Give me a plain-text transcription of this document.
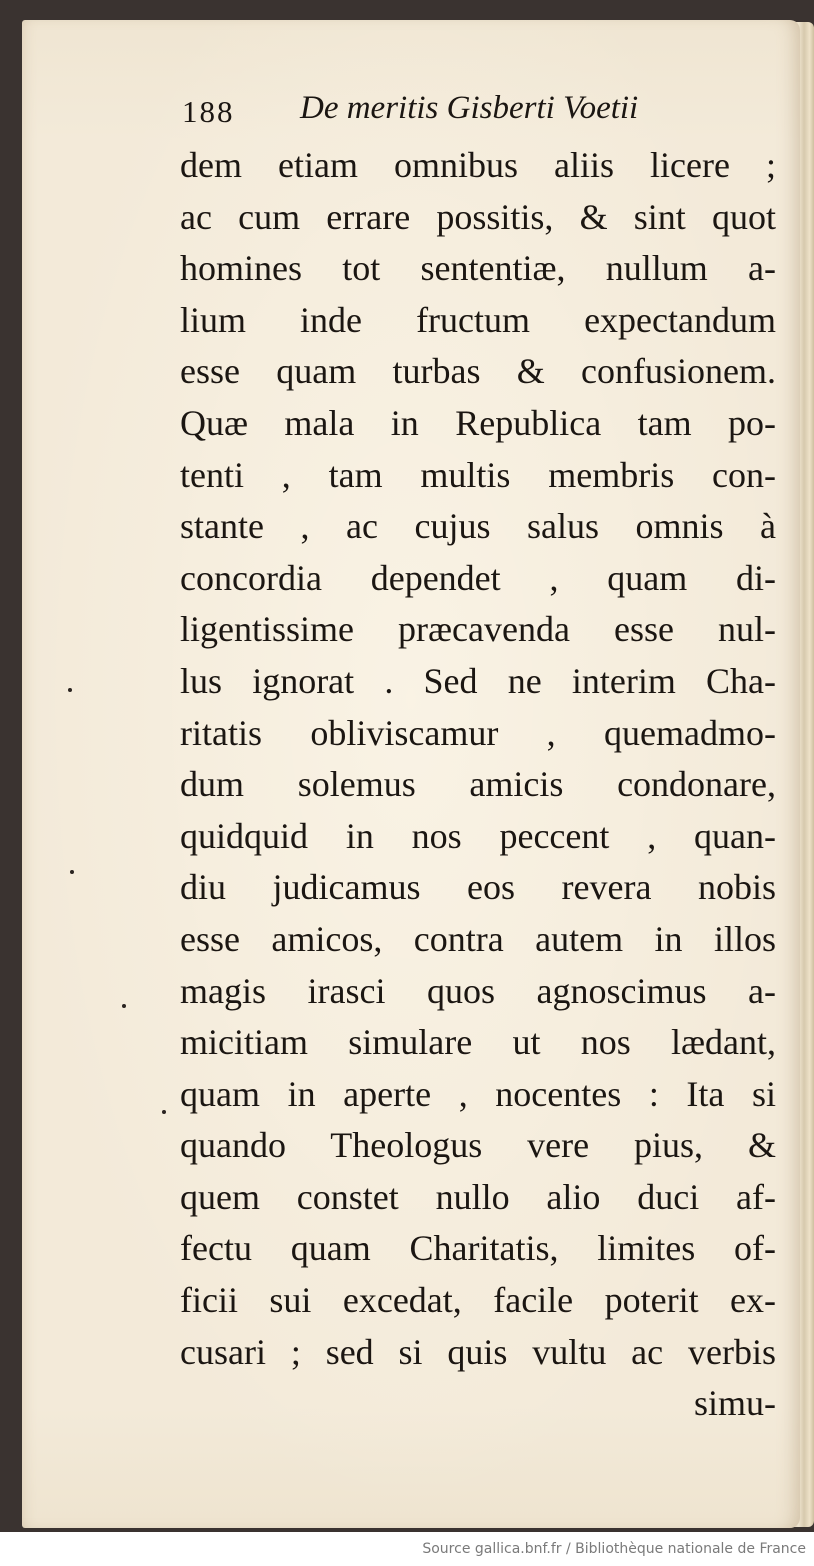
188 De meritis Gisberti Voetii
dem etiam omnibus aliis licere ;
ac cum errare possitis, & sint quot
homines tot sententiæ, nullum a-
lium inde fructum expectandum
esse quam turbas & confusionem.
Quæ mala in Republica tam po-
tenti , tam multis membris con-
stante , ac cujus salus omnis à
concordia dependet , quam di-
ligentissime præcavenda esse nul-
lus ignorat . Sed ne interim Cha-
ritatis obliviscamur , quemadmo-
dum solemus amicis condonare,
quidquid in nos peccent , quan-
diu judicamus eos revera nobis
esse amicos, contra autem in illos
magis irasci quos agnoscimus a-
micitiam simulare ut nos lædant,
quam in aperte , nocentes : Ita si
quando Theologus vere pius, &
quem constet nullo alio duci af-
fectu quam Charitatis, limites of-
ficii sui excedat, facile poterit ex-
cusari ; sed si quis vultu ac verbis
simu-
Source gallica.bnf.fr / Bibliothèque nationale de France
